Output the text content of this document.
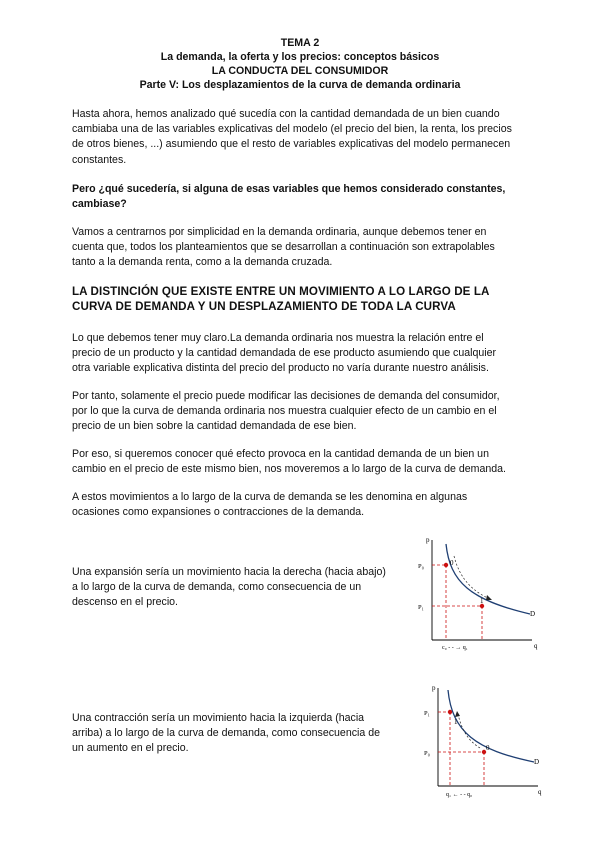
TEMA 2
La demanda, la oferta y los precios: conceptos básicos
LA CONDUCTA DEL CONSUMIDOR
Parte V: Los desplazamientos de la curva de demanda ordinaria
Hasta ahora, hemos analizado qué sucedía con la cantidad demandada de un bien cuando cambiaba una de las variables explicativas del modelo (el precio del bien, la renta, los precios de otros bienes, ...) asumiendo que el resto de variables explicativas del modelo permanecen constantes.
Pero ¿qué sucedería, si alguna de esas variables que hemos considerado constantes, cambiase?
Vamos a centrarnos por simplicidad en la demanda ordinaria, aunque debemos tener en cuenta que, todos los planteamientos que se desarrollan a continuación son extrapolables tanto a la demanda renta, como a la demanda cruzada.
LA DISTINCIÓN QUE EXISTE ENTRE UN MOVIMIENTO A LO LARGO DE LA CURVA DE DEMANDA Y UN DESPLAZAMIENTO DE TODA LA CURVA
Lo que debemos tener muy claro.La demanda ordinaria nos muestra la relación entre el precio de un producto y la cantidad demandada de ese producto asumiendo que cualquier otra variable explicativa distinta del precio del producto no varía durante nuestro análisis.
Por tanto, solamente el precio puede modificar las decisiones de demanda del consumidor, por lo que la curva de demanda ordinaria nos muestra cualquier efecto de un cambio en el precio de un bien sobre la cantidad demandada de ese bien.
Por eso, si queremos conocer qué efecto provoca en la cantidad demanda de un bien un cambio en el precio de este mismo bien, nos moveremos a lo largo de la curva de demanda.
A estos movimientos a lo largo de la curva de demanda se les denomina en algunas ocasiones como expansiones o contracciones de la demanda.
Una expansión sería un movimiento hacia la derecha (hacia abajo) a lo largo de la curva de demanda, como consecuencia de un descenso en el precio.
Una contracción sería un movimiento hacia la izquierda (hacia arriba) a lo largo de la curva de demanda, como consecuencia de un aumento en el precio.
p
q
P₀
P₁
0
1
D
c₀ - - → q₁
p
q
P₁
P₀
1
0
D
q₁ ← - - q₀
